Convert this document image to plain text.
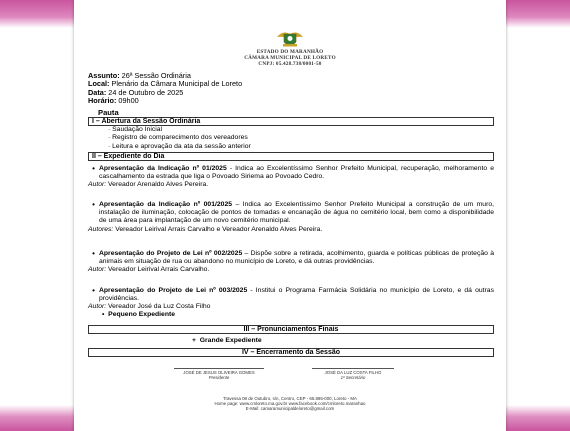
ESTADO DO MARANHÃO
CÂMARA MUNICIPAL DE LORETO
CNPJ: 05.428.738/0001-50
Assunto: 26ª Sessão Ordinária
Local: Plenário da Câmara Municipal de Loreto
Data: 24 de Outubro de 2025
Horário: 09h00
Pauta
I – Abertura da Sessão Ordinária
· Saudação Inicial
· Registro de comparecimento dos vereadores
· Leitura e aprovação da ata da sessão anterior
II – Expediente do Dia
• Apresentação da Indicação nº 01/2025 - Indica ao Excelentíssimo Senhor Prefeito Municipal, recuperação, melhoramento e cascalhamento da estrada que liga o Povoado Siriema ao Povoado Cedro.
Autor: Vereador Arenaldo Alves Pereira.
• Apresentação da Indicação nº 001/2025 – Indica ao Excelentíssimo Senhor Prefeito Municipal a construção de um muro, instalação de iluminação, colocação de pontos de tomadas e encanação de água no cemitério local, bem como a disponibilidade de uma área para implantação de um novo cemitério municipal.
Autores: Vereador Leirival Arrais Carvalho e Vereador Arenaldo Alves Pereira.
• Apresentação do Projeto de Lei nº 002/2025 – Dispõe sobre a retirada, acolhimento, guarda e políticas públicas de proteção à animais em situação de rua ou abandono no município de Loreto, e dá outras providências.
Autor: Vereador Leirival Arrais Carvalho.
• Apresentação do Projeto de Lei nº 003/2025 - Institui o Programa Farmácia Solidária no município de Loreto, e dá outras providências.
Autor: Vereador José da Luz Costa Filho
•  Pequeno Expediente
III – Pronunciamentos Finais
+  Grande Expediente
IV – Encerramento da Sessão
JOSÉ DE JESUS OLIVEIRA GOMES
Presidente
JOSÉ DA LUZ COSTA FILHO
1º Secretário
Travessa 08 de Outubro, s/n, Centro, CEP - 65.895-000, Loreto - MA
Home page: www.cmloreto.ma.gov.br www.facebook.com/cmloreto.maranhao
E-Mail: camaramunicipaldeloreto@gmail.com
